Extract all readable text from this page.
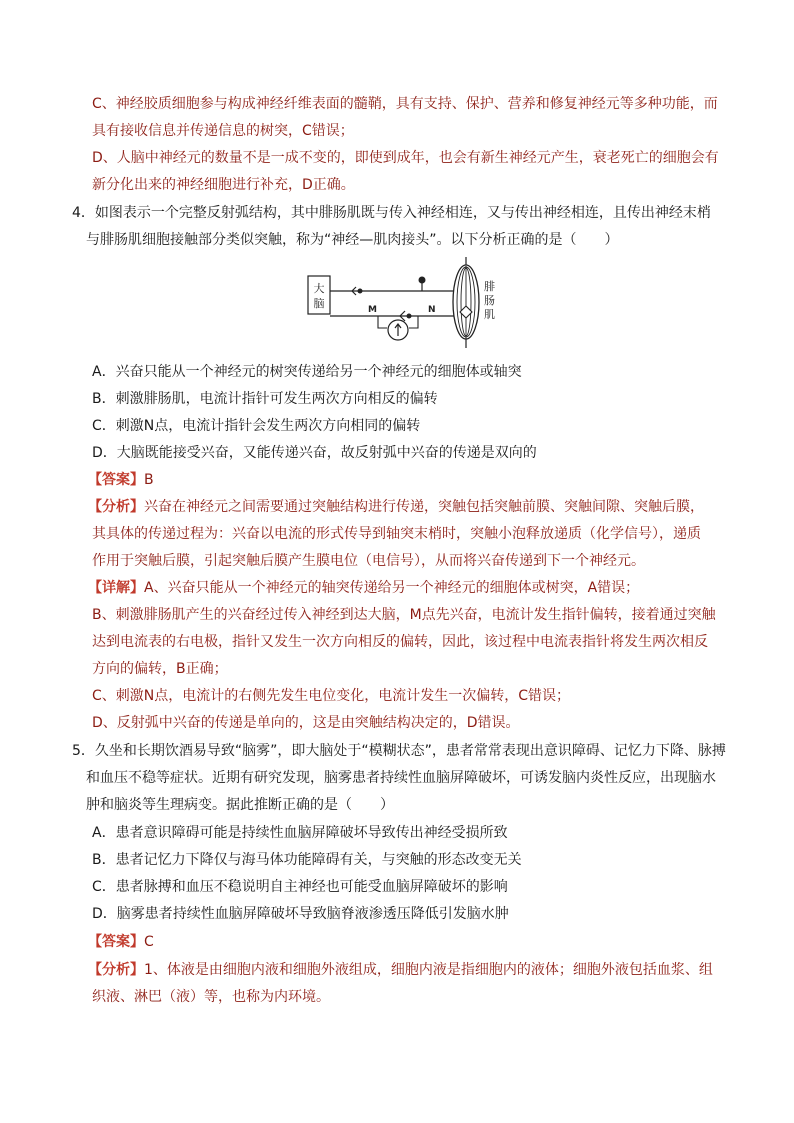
C、神经胶质细胞参与构成神经纤维表面的髓鞘，具有支持、保护、营养和修复神经元等多种功能，而
具有接收信息并传递信息的树突，C错误；
D、人脑中神经元的数量不是一成不变的，即使到成年，也会有新生神经元产生，衰老死亡的细胞会有
新分化出来的神经细胞进行补充，D正确。
4．如图表示一个完整反射弧结构，其中腓肠肌既与传入神经相连，又与传出神经相连，且传出神经末梢
与腓肠肌细胞接触部分类似突触，称为“神经—肌肉接头”。以下分析正确的是（　　）
大
脑	M	N
腓
肠
肌
A．兴奋只能从一个神经元的树突传递给另一个神经元的细胞体或轴突
B．刺激腓肠肌，电流计指针可发生两次方向相反的偏转
C．刺激N点，电流计指针会发生两次方向相同的偏转
D．大脑既能接受兴奋，又能传递兴奋，故反射弧中兴奋的传递是双向的
【答案】B
【分析】兴奋在神经元之间需要通过突触结构进行传递，突触包括突触前膜、突触间隙、突触后膜，
其具体的传递过程为：兴奋以电流的形式传导到轴突末梢时，突触小泡释放递质（化学信号），递质
作用于突触后膜，引起突触后膜产生膜电位（电信号），从而将兴奋传递到下一个神经元。
【详解】A、兴奋只能从一个神经元的轴突传递给另一个神经元的细胞体或树突，A错误；
B、刺激腓肠肌产生的兴奋经过传入神经到达大脑，M点先兴奋，电流计发生指针偏转，接着通过突触
达到电流表的右电极，指针又发生一次方向相反的偏转，因此，该过程中电流表指针将发生两次相反
方向的偏转，B正确；
C、刺激N点，电流计的右侧先发生电位变化，电流计发生一次偏转，C错误；
D、反射弧中兴奋的传递是单向的，这是由突触结构决定的，D错误。
5．久坐和长期饮酒易导致“脑雾”，即大脑处于“模糊状态”，患者常常表现出意识障碍、记忆力下降、脉搏
和血压不稳等症状。近期有研究发现，脑雾患者持续性血脑屏障破坏，可诱发脑内炎性反应，出现脑水
肿和脑炎等生理病变。据此推断正确的是（　　）
A．患者意识障碍可能是持续性血脑屏障破坏导致传出神经受损所致
B．患者记忆力下降仅与海马体功能障碍有关，与突触的形态改变无关
C．患者脉搏和血压不稳说明自主神经也可能受血脑屏障破坏的影响
D．脑雾患者持续性血脑屏障破坏导致脑脊液渗透压降低引发脑水肿
【答案】C
【分析】1、体液是由细胞内液和细胞外液组成，细胞内液是指细胞内的液体；细胞外液包括血浆、组
织液、淋巴（液）等，也称为内环境。
